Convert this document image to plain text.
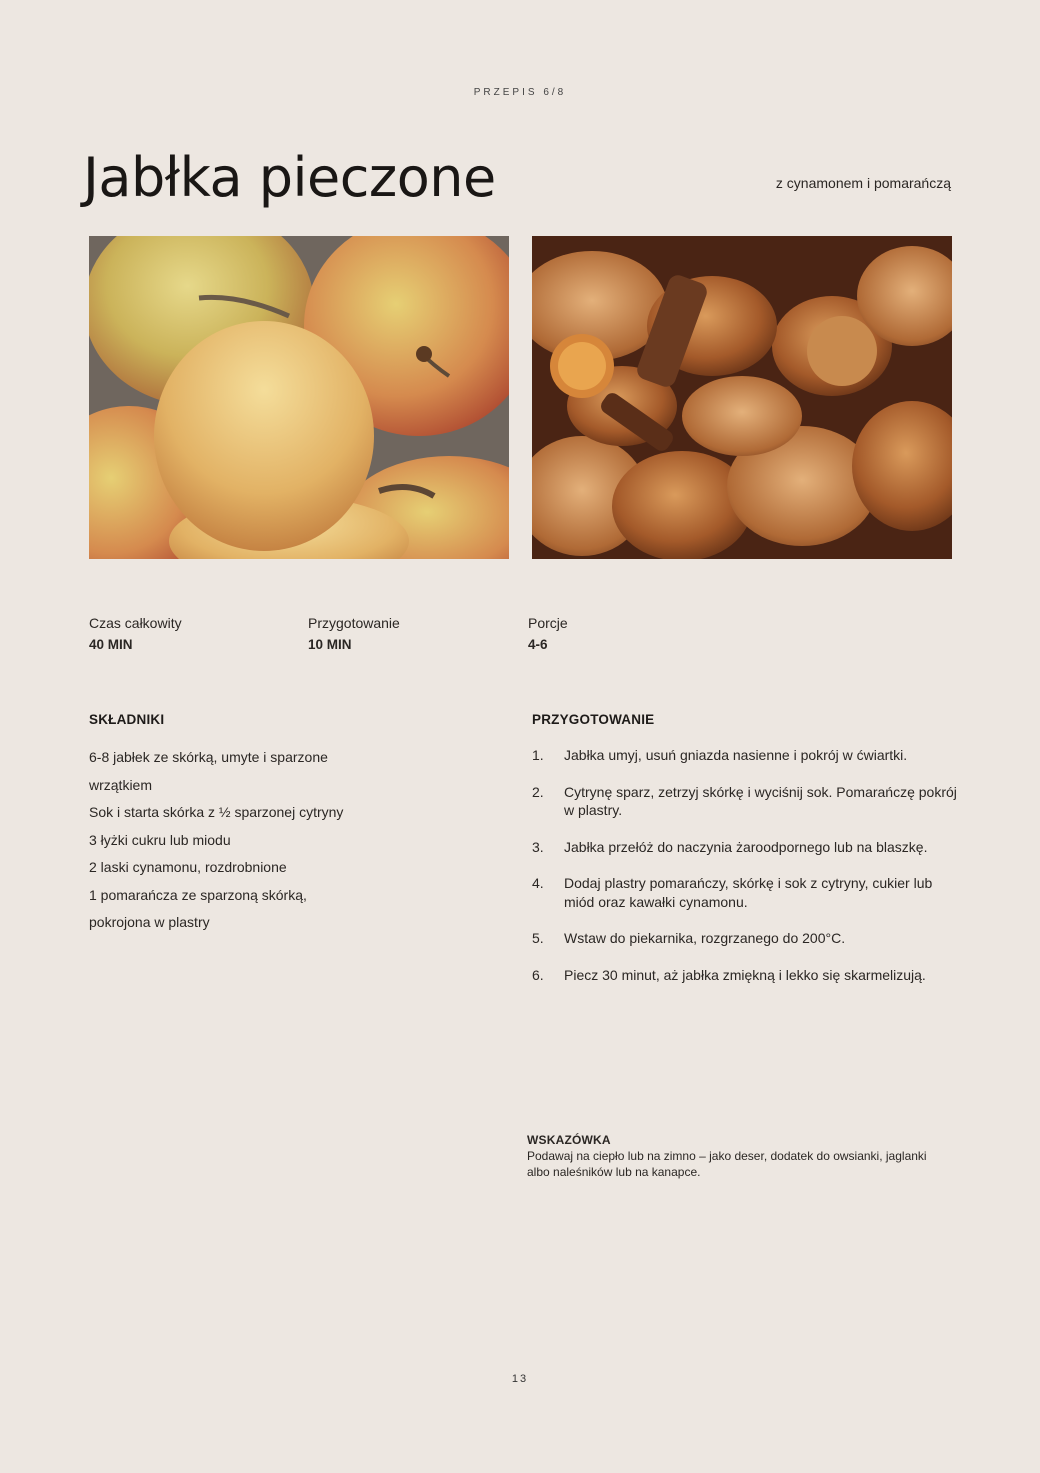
PRZEPIS 6/8
Jabłka pieczone	z cynamonem i pomarańczą
Czas całkowity
40 MIN
Przygotowanie
10 MIN
Porcje
4-6
SKŁADNIKI
6-8 jabłek ze skórką, umyte i sparzone
wrzątkiem
Sok i starta skórka z ½ sparzonej cytryny
3 łyżki cukru lub miodu
2 laski cynamonu, rozdrobnione
1 pomarańcza ze sparzoną skórką,
pokrojona w plastry
PRZYGOTOWANIE
1. Jabłka umyj, usuń gniazda nasienne i pokrój w ćwiartki.
2. Cytrynę sparz, zetrzyj skórkę i wyciśnij sok. Pomarańczę pokrój w plastry.
3. Jabłka przełóż do naczynia żaroodpornego lub na blaszkę.
4. Dodaj plastry pomarańczy, skórkę i sok z cytryny, cukier lub miód oraz kawałki cynamonu.
5. Wstaw do piekarnika, rozgrzanego do 200°C.
6. Piecz 30 minut, aż jabłka zmiękną i lekko się skarmelizują.
WSKAZÓWKA
Podawaj na ciepło lub na zimno – jako deser, dodatek do owsianki, jaglanki albo naleśników lub na kanapce.
13
